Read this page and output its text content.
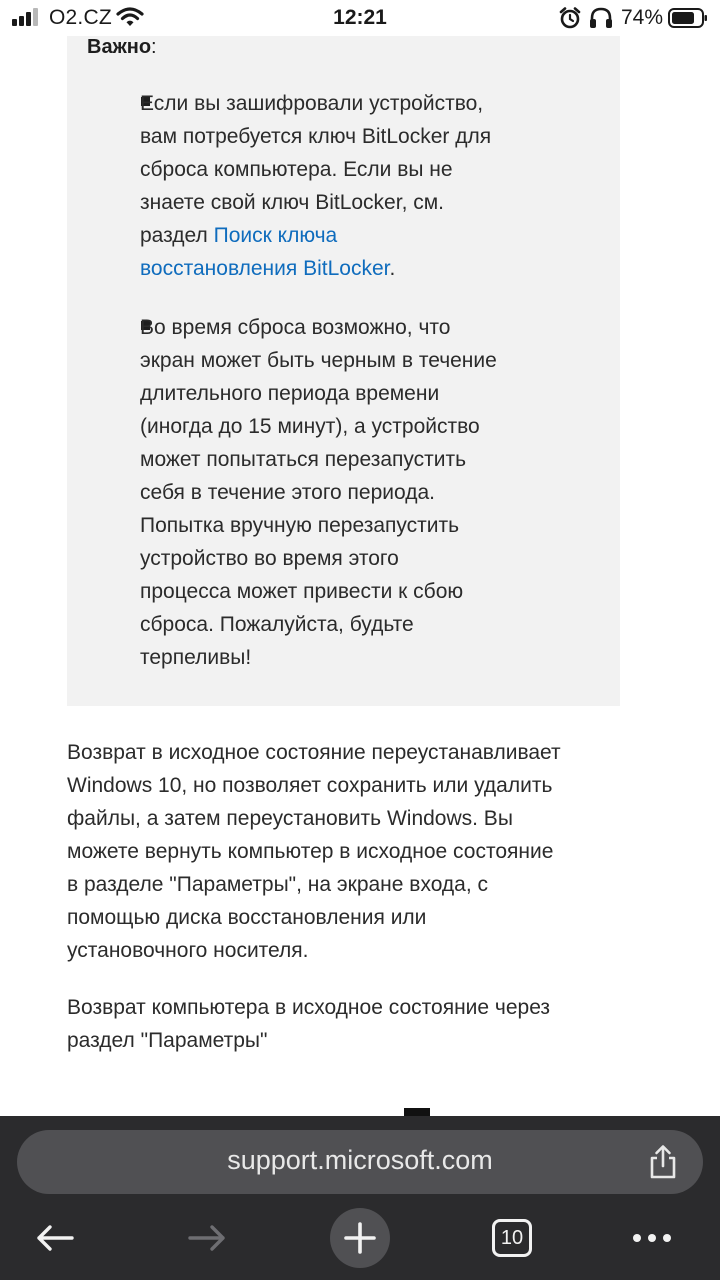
O2.CZ	12:21	74%
Важно:
Если вы зашифровали устройство,
вам потребуется ключ BitLocker для
сброса компьютера. Если вы не
знаете свой ключ BitLocker, см.
раздел Поиск ключа
восстановления BitLocker.
Во время сброса возможно, что
экран может быть черным в течение
длительного периода времени
(иногда до 15 минут), а устройство
может попытаться перезапустить
себя в течение этого периода.
Попытка вручную перезапустить
устройство во время этого
процесса может привести к сбою
сброса. Пожалуйста, будьте
терпеливы!
Возврат в исходное состояние переустанавливает
Windows 10, но позволяет сохранить или удалить
файлы, а затем переустановить Windows. Вы
можете вернуть компьютер в исходное состояние
в разделе "Параметры", на экране входа, с
помощью диска восстановления или
установочного носителя.
Возврат компьютера в исходное состояние через
раздел "Параметры"
support.microsoft.com
10
